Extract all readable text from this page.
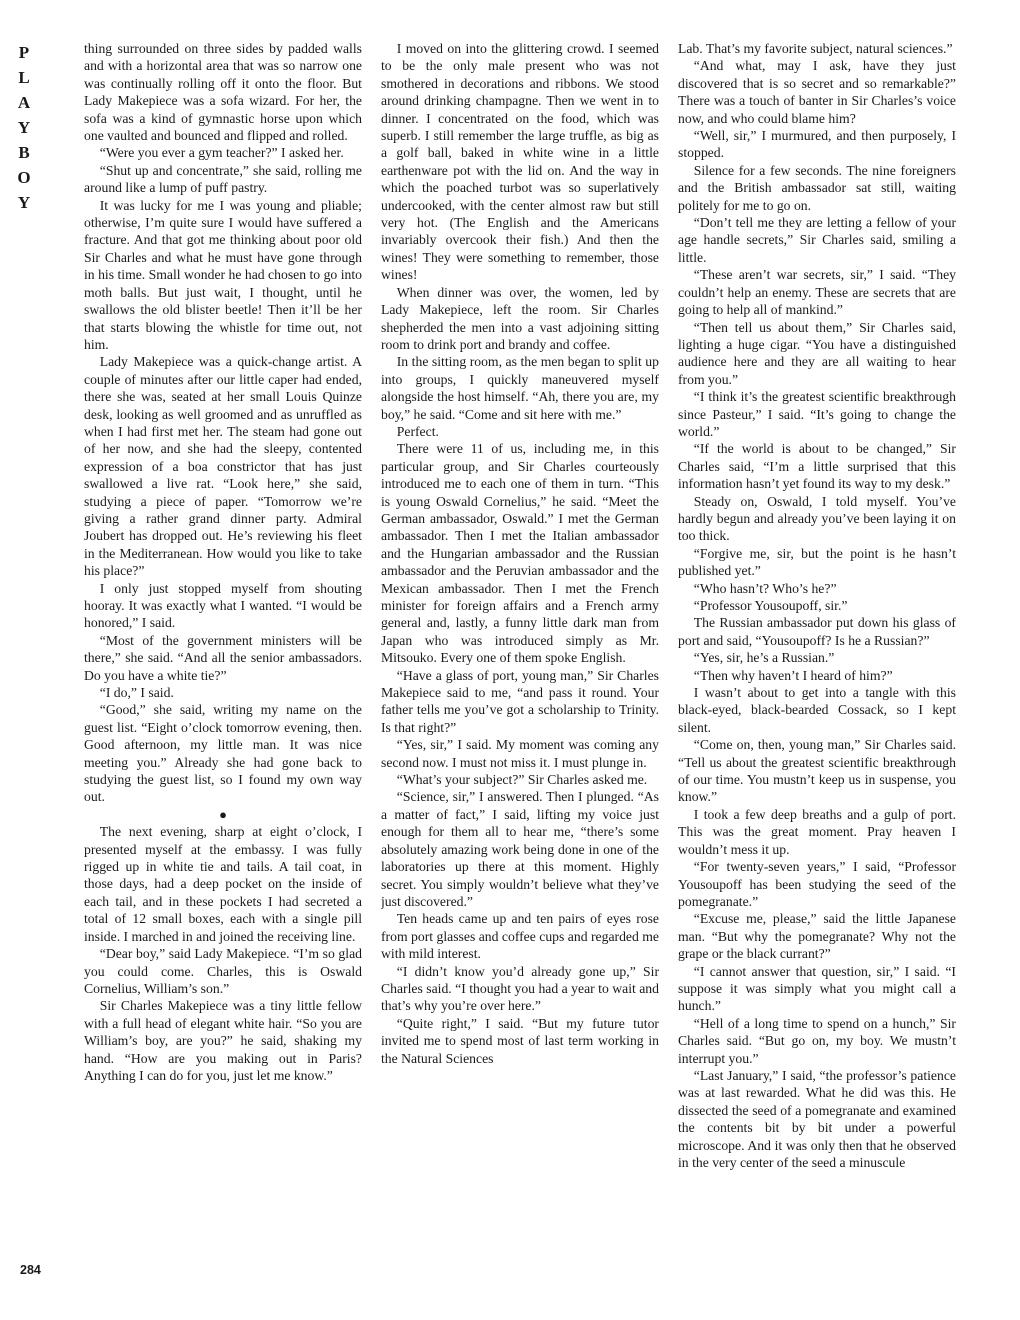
P
L
A
Y
B
O
Y
284

thing surrounded on three sides by padded walls and with a horizontal area that was so narrow one was continually rolling off it onto the floor. But Lady Makepiece was a sofa wizard. For her, the sofa was a kind of gymnastic horse upon which one vaulted and bounced and flipped and rolled.

“Were you ever a gym teacher?” I asked her.

“Shut up and concentrate,” she said, rolling me around like a lump of puff pastry.

It was lucky for me I was young and pliable; otherwise, I’m quite sure I would have suffered a fracture. And that got me thinking about poor old Sir Charles and what he must have gone through in his time. Small wonder he had chosen to go into moth balls. But just wait, I thought, until he swallows the old blister beetle! Then it’ll be her that starts blowing the whistle for time out, not him.

Lady Makepiece was a quick-change artist. A couple of minutes after our little caper had ended, there she was, seated at her small Louis Quinze desk, looking as well groomed and as unruffled as when I had first met her. The steam had gone out of her now, and she had the sleepy, contented expression of a boa constrictor that has just swallowed a live rat. “Look here,” she said, studying a piece of paper. “Tomorrow we’re giving a rather grand dinner party. Admiral Joubert has dropped out. He’s reviewing his fleet in the Mediterranean. How would you like to take his place?”

I only just stopped myself from shouting hooray. It was exactly what I wanted. “I would be honored,” I said.

“Most of the government ministers will be there,” she said. “And all the senior ambassadors. Do you have a white tie?”

“I do,” I said.

“Good,” she said, writing my name on the guest list. “Eight o’clock tomorrow evening, then. Good afternoon, my little man. It was nice meeting you.” Already she had gone back to studying the guest list, so I found my own way out.

●

The next evening, sharp at eight o’clock, I presented myself at the embassy. I was fully rigged up in white tie and tails. A tail coat, in those days, had a deep pocket on the inside of each tail, and in these pockets I had secreted a total of 12 small boxes, each with a single pill inside. I marched in and joined the receiving line.

“Dear boy,” said Lady Makepiece. “I’m so glad you could come. Charles, this is Oswald Cornelius, William’s son.”

Sir Charles Makepiece was a tiny little fellow with a full head of elegant white hair. “So you are William’s boy, are you?” he said, shaking my hand. “How are you making out in Paris? Anything I can do for you, just let me know.”

I moved on into the glittering crowd. I seemed to be the only male present who was not smothered in decorations and ribbons. We stood around drinking champagne. Then we went in to dinner. I concentrated on the food, which was superb. I still remember the large truffle, as big as a golf ball, baked in white wine in a little earthenware pot with the lid on. And the way in which the poached turbot was so superlatively undercooked, with the center almost raw but still very hot. (The English and the Americans invariably overcook their fish.) And then the wines! They were something to remember, those wines!

When dinner was over, the women, led by Lady Makepiece, left the room. Sir Charles shepherded the men into a vast adjoining sitting room to drink port and brandy and coffee.

In the sitting room, as the men began to split up into groups, I quickly maneuvered myself alongside the host himself. “Ah, there you are, my boy,” he said. “Come and sit here with me.”

Perfect.

There were 11 of us, including me, in this particular group, and Sir Charles courteously introduced me to each one of them in turn. “This is young Oswald Cornelius,” he said. “Meet the German ambassador, Oswald.” I met the German ambassador. Then I met the Italian ambassador and the Hungarian ambassador and the Russian ambassador and the Peruvian ambassador and the Mexican ambassador. Then I met the French minister for foreign affairs and a French army general and, lastly, a funny little dark man from Japan who was introduced simply as Mr. Mitsouko. Every one of them spoke English.

“Have a glass of port, young man,” Sir Charles Makepiece said to me, “and pass it round. Your father tells me you’ve got a scholarship to Trinity. Is that right?”

“Yes, sir,” I said. My moment was coming any second now. I must not miss it. I must plunge in.

“What’s your subject?” Sir Charles asked me.

“Science, sir,” I answered. Then I plunged. “As a matter of fact,” I said, lifting my voice just enough for them all to hear me, “there’s some absolutely amazing work being done in one of the laboratories up there at this moment. Highly secret. You simply wouldn’t believe what they’ve just discovered.”

Ten heads came up and ten pairs of eyes rose from port glasses and coffee cups and regarded me with mild interest.

“I didn’t know you’d already gone up,” Sir Charles said. “I thought you had a year to wait and that’s why you’re over here.”

“Quite right,” I said. “But my future tutor invited me to spend most of last term working in the Natural Sciences

Lab. That’s my favorite subject, natural sciences.”

“And what, may I ask, have they just discovered that is so secret and so remarkable?” There was a touch of banter in Sir Charles’s voice now, and who could blame him?

“Well, sir,” I murmured, and then purposely, I stopped.

Silence for a few seconds. The nine foreigners and the British ambassador sat still, waiting politely for me to go on.

“Don’t tell me they are letting a fellow of your age handle secrets,” Sir Charles said, smiling a little.

“These aren’t war secrets, sir,” I said. “They couldn’t help an enemy. These are secrets that are going to help all of mankind.”

“Then tell us about them,” Sir Charles said, lighting a huge cigar. “You have a distinguished audience here and they are all waiting to hear from you.”

“I think it’s the greatest scientific breakthrough since Pasteur,” I said. “It’s going to change the world.”

“If the world is about to be changed,” Sir Charles said, “I’m a little surprised that this information hasn’t yet found its way to my desk.”

Steady on, Oswald, I told myself. You’ve hardly begun and already you’ve been laying it on too thick.

“Forgive me, sir, but the point is he hasn’t published yet.”

“Who hasn’t? Who’s he?”

“Professor Yousoupoff, sir.”

The Russian ambassador put down his glass of port and said, “Yousoupoff? Is he a Russian?”

“Yes, sir, he’s a Russian.”

“Then why haven’t I heard of him?”

I wasn’t about to get into a tangle with this black-eyed, black-bearded Cossack, so I kept silent.

“Come on, then, young man,” Sir Charles said. “Tell us about the greatest scientific breakthrough of our time. You mustn’t keep us in suspense, you know.”

I took a few deep breaths and a gulp of port. This was the great moment. Pray heaven I wouldn’t mess it up.

“For twenty-seven years,” I said, “Professor Yousoupoff has been studying the seed of the pomegranate.”

“Excuse me, please,” said the little Japanese man. “But why the pomegranate? Why not the grape or the black currant?”

“I cannot answer that question, sir,” I said. “I suppose it was simply what you might call a hunch.”

“Hell of a long time to spend on a hunch,” Sir Charles said. “But go on, my boy. We mustn’t interrupt you.”

“Last January,” I said, “the professor’s patience was at last rewarded. What he did was this. He dissected the seed of a pomegranate and examined the contents bit by bit under a powerful microscope. And it was only then that he observed in the very center of the seed a minuscule
